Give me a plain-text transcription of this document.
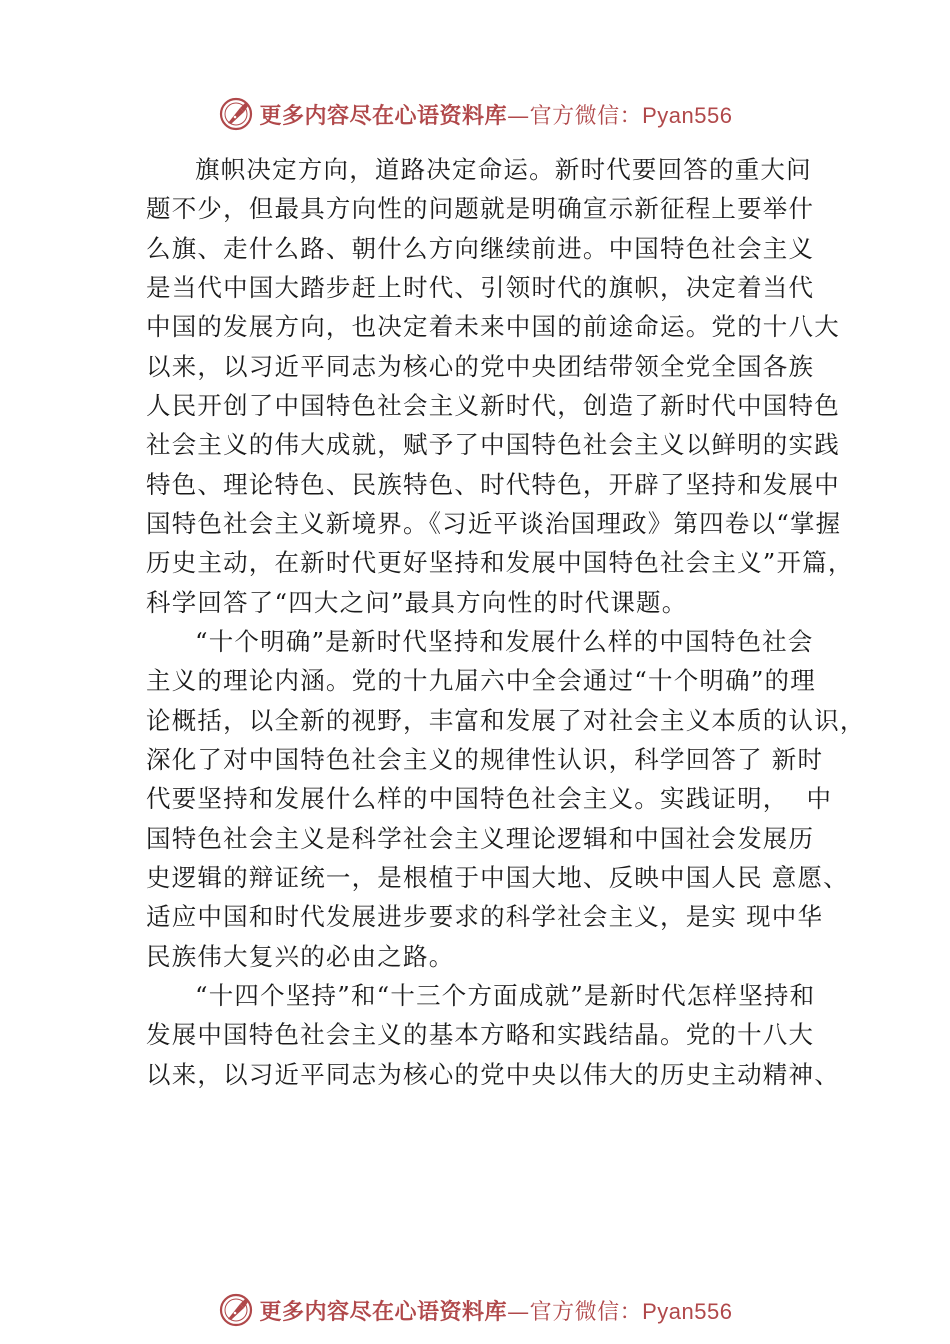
更多内容尽在心语资料库—官方微信：Pyan556
旗帜决定方向，道路决定命运。新时代要回答的重大问
题不少，但最具方向性的问题就是明确宣示新征程上要举什
么旗、走什么路、朝什么方向继续前进。中国特色社会主义
是当代中国大踏步赶上时代、引领时代的旗帜，决定着当代
中国的发展方向，也决定着未来中国的前途命运。党的十八大
以来，以习近平同志为核心的党中央团结带领全党全国各族
人民开创了中国特色社会主义新时代，创造了新时代中国特色
社会主义的伟大成就，赋予了中国特色社会主义以鲜明的实践
特色、理论特色、民族特色、时代特色，开辟了坚持和发展中
国特色社会主义新境界。《习近平谈治国理政》第四卷以“掌握
历史主动，在新时代更好坚持和发展中国特色社会主义”开篇，
科学回答了“四大之问”最具方向性的时代课题。
“十个明确”是新时代坚持和发展什么样的中国特色社会
主义的理论内涵。党的十九届六中全会通过“十个明确”的理
论概括，以全新的视野，丰富和发展了对社会主义本质的认识，
深化了对中国特色社会主义的规律性认识，科学回答了 新时
代要坚持和发展什么样的中国特色社会主义。实践证明，  中
国特色社会主义是科学社会主义理论逻辑和中国社会发展历
史逻辑的辩证统一，是根植于中国大地、反映中国人民 意愿、
适应中国和时代发展进步要求的科学社会主义，是实 现中华
民族伟大复兴的必由之路。
“十四个坚持”和“十三个方面成就”是新时代怎样坚持和
发展中国特色社会主义的基本方略和实践结晶。党的十八大
以来，以习近平同志为核心的党中央以伟大的历史主动精神、
更多内容尽在心语资料库—官方微信：Pyan556
